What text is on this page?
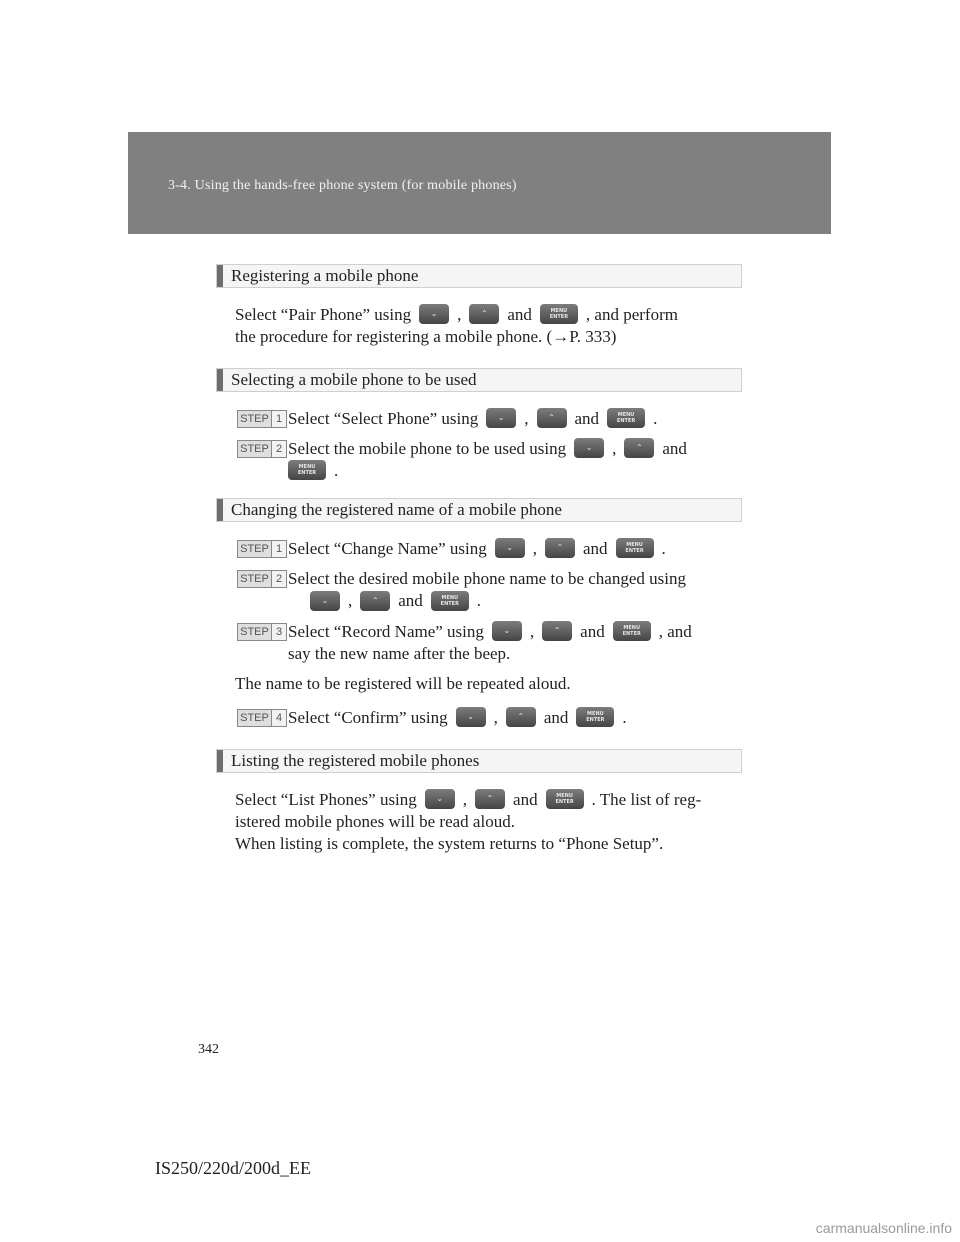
3-4. Using the hands-free phone system (for mobile phones)
Registering a mobile phone
Select “Pair Phone” using	⌄	,	⌃	and	MENU
ENTER	, and perform
the procedure for registering a mobile phone. (→P. 333)
Selecting a mobile phone to be used
STEP 1 Select “Select Phone” using	⌄	,	⌃	and	MENU
ENTER	.
STEP 2 Select the mobile phone to be used using	⌄	,	⌃	and

MENU
ENTER	.
Changing the registered name of a mobile phone
STEP 1 Select “Change Name” using	⌄	,	⌃	and	MENU
ENTER	.
STEP 2 Select the desired mobile phone name to be changed using

⌄	,	⌃	and	MENU
ENTER	.
STEP 3 Select “Record Name” using	⌄	,	⌃	and	MENU
ENTER	, and
say the new name after the beep.
The name to be registered will be repeated aloud.
STEP 4 Select “Confirm” using	⌄	,	⌃	and	MENU
ENTER	.
Listing the registered mobile phones
Select “List Phones” using	⌄	,	⌃	and	MENU
ENTER	. The list of reg-
istered mobile phones will be read aloud.
When listing is complete, the system returns to “Phone Setup”.
342
IS250/220d/200d_EE
carmanualsonline.info
